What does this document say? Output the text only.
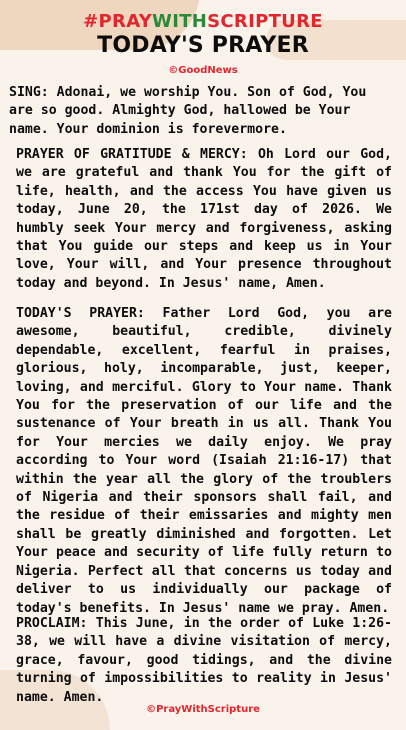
#PRAYWITHSCRIPTURE
TODAY'S PRAYER
©GoodNews
SING: Adonai, we worship You. Son of God, You are so good. Almighty God, hallowed be Your name. Your dominion is forevermore.
PRAYER OF GRATITUDE & MERCY: Oh Lord our God, we are grateful and thank You for the gift of life, health, and the access You have given us today, June 20, the 171st day of 2026. We humbly seek Your mercy and forgiveness, asking that You guide our steps and keep us in Your love, Your will, and Your presence throughout today and beyond. In Jesus' name, Amen.
TODAY'S PRAYER: Father Lord God, you are awesome, beautiful, credible, divinely dependable, excellent, fearful in praises, glorious, holy, incomparable, just, keeper, loving, and merciful. Glory to Your name. Thank You for the preservation of our life and the sustenance of Your breath in us all. Thank You for Your mercies we daily enjoy. We pray according to Your word (Isaiah 21:16-17) that within the year all the glory of the troublers of Nigeria and their sponsors shall fail, and the residue of their emissaries and mighty men shall be greatly diminished and forgotten. Let Your peace and security of life fully return to Nigeria. Perfect all that concerns us today and deliver to us individually our package of today's benefits. In Jesus' name we pray. Amen.
PROCLAIM: This June, in the order of Luke 1:26-38, we will have a divine visitation of mercy, grace, favour, good tidings, and the divine turning of impossibilities to reality in Jesus' name. Amen.
©PrayWithScripture
